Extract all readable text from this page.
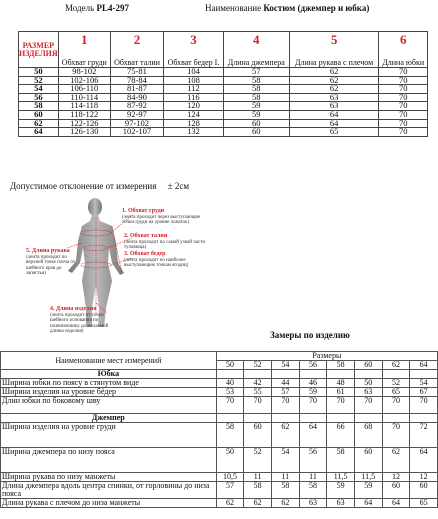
Модель PL4-297	Наименование Костюм (джемпер и юбка)
РАЗМЕР ИЗДЕЛИЯ	1	2	3	4	5	6
	Обхват груди	Обхват талии	Обхват бедер I.	Длина джемпера	Длина рукава с плечом	Длина юбки
50	98-102	75-81	104	57	62	70
52	102-106	78-84	108	58	62	70
54	106-110	81-87	112	58	62	70
56	110-114	84-90	116	58	63	70
58	114-118	87-92	120	59	63	70
60	118-122	92-97	124	59	64	70
62	122-126	97-102	128	60	64	70
64	126-130	102-107	132	60	65	70
Допустимое отклонение от измерения ± 2см
1. Обхват груди
(лента проходит через выступающие точки груди на уровне лопаток)
2. Обхват талии
(лента проходит по самой узкой части туловища)
3. Обхват бедер
(лента проходит по наиболее выступающим точкам ягодиц)
5. Длина рукава
(лента проходит по верхней точке плеча от шейного края до запястья)
4. Длина изделия
(лента проходит от точки шейного основания по позвоночнику до желаемой длины изделия)	Замеры по изделию
Наименование мест измерений	Размеры							
	50	52	54	56	58	60	62	64
Юбка								
Ширина юбки по поясу в стянутом виде	40	42	44	46	48	50	52	54
Ширина изделия на уровне бёдер	53	55	57	59	61	63	65	67
Длин юбки по боковому шву	70	70	70	70	70	70	70	70
Джемпер								
Ширина изделия на уровне груди	58	60	62	64	66	68	70	72
Ширина джемпера по низу пояса	50	52	54	56	58	60	62	64
Ширина рукава по низу манжеты	10,5	11	11	11	11,5	11,5	12	12
Длина джемпера вдоль центра спинки, от горловины до низа пояса	57	58	58	58	59	59	60	60
Длина рукава с плечом до низа манжеты	62	62	62	63	63	64	64	65
